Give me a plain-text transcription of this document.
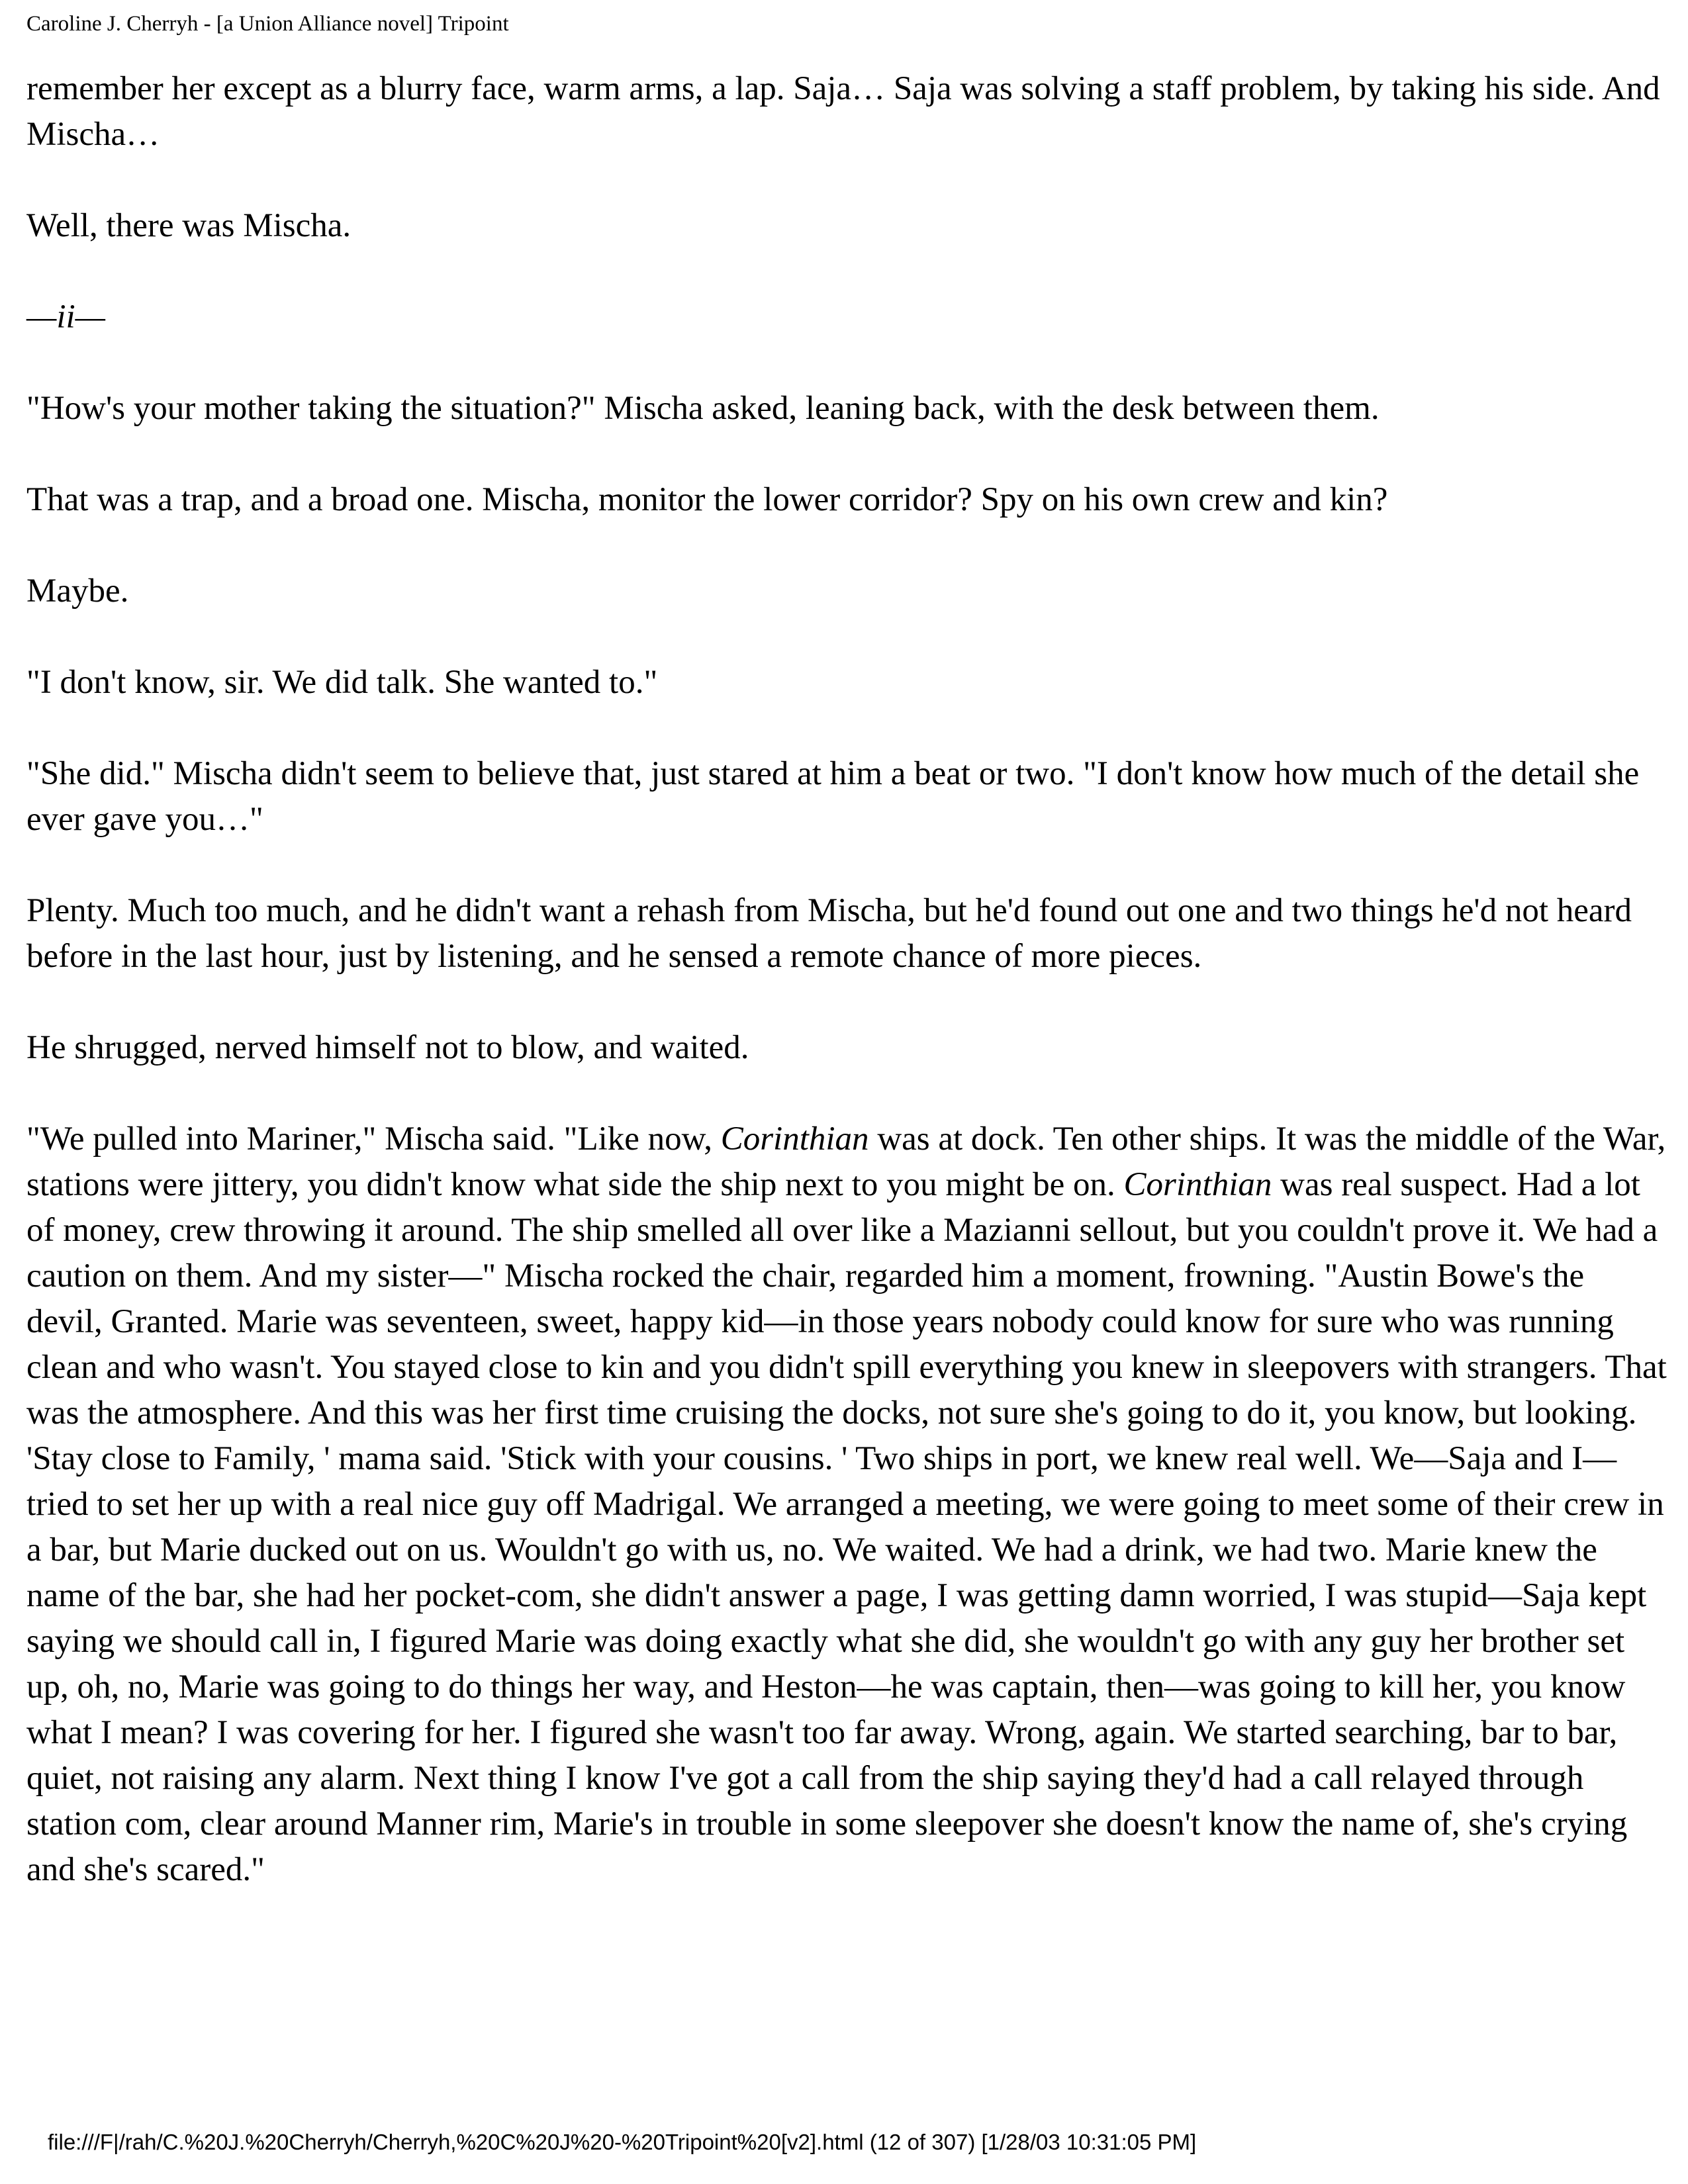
Caroline J. Cherryh - [a Union Alliance novel] Tripoint

remember her except as a blurry face, warm arms, a lap. Saja… Saja was solving a staff problem, by taking his side. And Mischa…

Well, there was Mischa.

—ii—

"How's your mother taking the situation?" Mischa asked, leaning back, with the desk between them.

That was a trap, and a broad one. Mischa, monitor the lower corridor? Spy on his own crew and kin?

Maybe.

"I don't know, sir. We did talk. She wanted to."

"She did." Mischa didn't seem to believe that, just stared at him a beat or two. "I don't know how much of the detail she ever gave you…"

Plenty. Much too much, and he didn't want a rehash from Mischa, but he'd found out one and two things he'd not heard before in the last hour, just by listening, and he sensed a remote chance of more pieces.

He shrugged, nerved himself not to blow, and waited.

"We pulled into Mariner," Mischa said. "Like now, Corinthian was at dock. Ten other ships. It was the middle of the War, stations were jittery, you didn't know what side the ship next to you might be on. Corinthian was real suspect. Had a lot of money, crew throwing it around. The ship smelled all over like a Mazianni sellout, but you couldn't prove it. We had a caution on them. And my sister—" Mischa rocked the chair, regarded him a moment, frowning. "Austin Bowe's the devil, Granted. Marie was seventeen, sweet, happy kid—in those years nobody could know for sure who was running clean and who wasn't. You stayed close to kin and you didn't spill everything you knew in sleepovers with strangers. That was the atmosphere. And this was her first time cruising the docks, not sure she's going to do it, you know, but looking. 'Stay close to Family, ' mama said. 'Stick with your cousins. ' Two ships in port, we knew real well. We—Saja and I—tried to set her up with a real nice guy off Madrigal. We arranged a meeting, we were going to meet some of their crew in a bar, but Marie ducked out on us. Wouldn't go with us, no. We waited. We had a drink, we had two. Marie knew the name of the bar, she had her pocket-com, she didn't answer a page, I was getting damn worried, I was stupid—Saja kept saying we should call in, I figured Marie was doing exactly what she did, she wouldn't go with any guy her brother set up, oh, no, Marie was going to do things her way, and Heston—he was captain, then—was going to kill her, you know what I mean? I was covering for her. I figured she wasn't too far away. Wrong, again. We started searching, bar to bar, quiet, not raising any alarm. Next thing I know I've got a call from the ship saying they'd had a call relayed through station com, clear around Manner rim, Marie's in trouble in some sleepover she doesn't know the name of, she's crying and she's scared."

file:///F|/rah/C.%20J.%20Cherryh/Cherryh,%20C%20J%20-%20Tripoint%20[v2].html (12 of 307) [1/28/03 10:31:05 PM]
